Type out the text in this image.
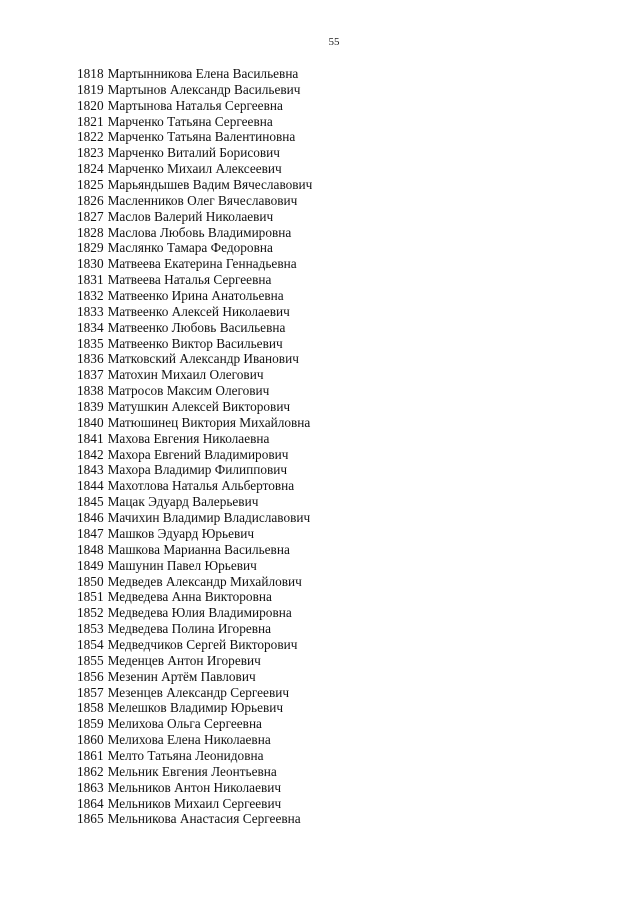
55
1818 Мартынникова Елена Васильевна
1819 Мартынов Александр Васильевич
1820 Мартынова Наталья Сергеевна
1821 Марченко Татьяна Сергеевна
1822 Марченко Татьяна Валентиновна
1823 Марченко Виталий Борисович
1824 Марченко Михаил Алексеевич
1825 Марьяндышев Вадим Вячеславович
1826 Масленников Олег Вячеславович
1827 Маслов Валерий Николаевич
1828 Маслова Любовь Владимировна
1829 Маслянко Тамара Федоровна
1830 Матвеева Екатерина Геннадьевна
1831 Матвеева Наталья Сергеевна
1832 Матвеенко Ирина Анатольевна
1833 Матвеенко Алексей Николаевич
1834 Матвеенко Любовь Васильевна
1835 Матвеенко Виктор Васильевич
1836 Матковский Александр Иванович
1837 Матохин Михаил Олегович
1838 Матросов Максим Олегович
1839 Матушкин Алексей Викторович
1840 Матюшинец Виктория Михайловна
1841 Махова Евгения Николаевна
1842 Махора Евгений Владимирович
1843 Махора Владимир Филиппович
1844 Махотлова Наталья Альбертовна
1845 Мацак Эдуард Валерьевич
1846 Мачихин Владимир Владиславович
1847 Машков Эдуард Юрьевич
1848 Машкова Марианна Васильевна
1849 Машунин Павел Юрьевич
1850 Медведев Александр Михайлович
1851 Медведева Анна Викторовна
1852 Медведева Юлия Владимировна
1853 Медведева Полина Игоревна
1854 Медведчиков Сергей Викторович
1855 Меденцев Антон Игоревич
1856 Мезенин Артём Павлович
1857 Мезенцев Александр Сергеевич
1858 Мелешков Владимир Юрьевич
1859 Мелихова Ольга Сергеевна
1860 Мелихова Елена Николаевна
1861 Мелто Татьяна Леонидовна
1862 Мельник Евгения Леонтьевна
1863 Мельников Антон Николаевич
1864 Мельников Михаил Сергеевич
1865 Мельникова Анастасия Сергеевна
